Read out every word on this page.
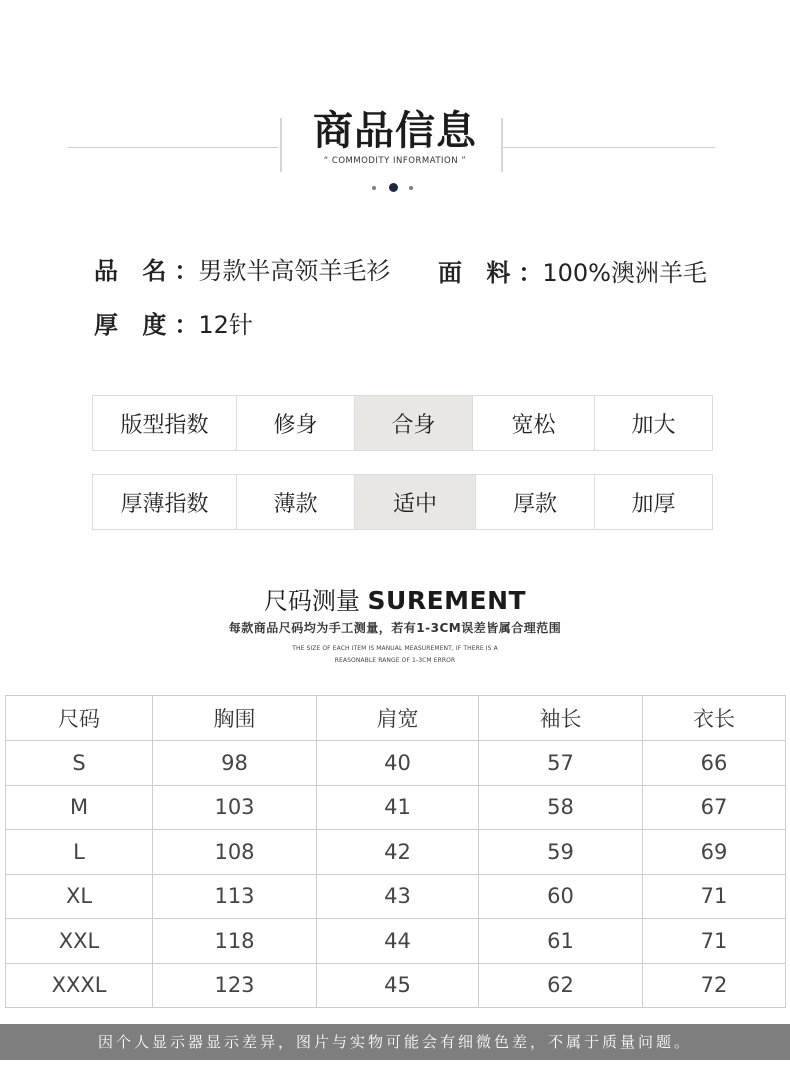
商品信息
“ COMMODITY INFORMATION ”
品 名：男款半高领羊毛衫 面 料：100%澳洲羊毛
厚 度：12针
版型指数	修身	合身	宽松	加大
厚薄指数	薄款	适中	厚款	加厚
尺码测量 SUREMENT
每款商品尺码均为手工测量，若有1-3CM误差皆属合理范围
THE SIZE OF EACH ITEM IS MANUAL MEASUREMENT, IF THERE IS A
REASONABLE RANGE OF 1-3CM ERROR
尺码	胸围	肩宽	袖长	衣长
S	98	40	57	66
M	103	41	58	67
L	108	42	59	69
XL	113	43	60	71
XXL	118	44	61	71
XXXL	123	45	62	72
因个人显示器显示差异，图片与实物可能会有细微色差，不属于质量问题。
